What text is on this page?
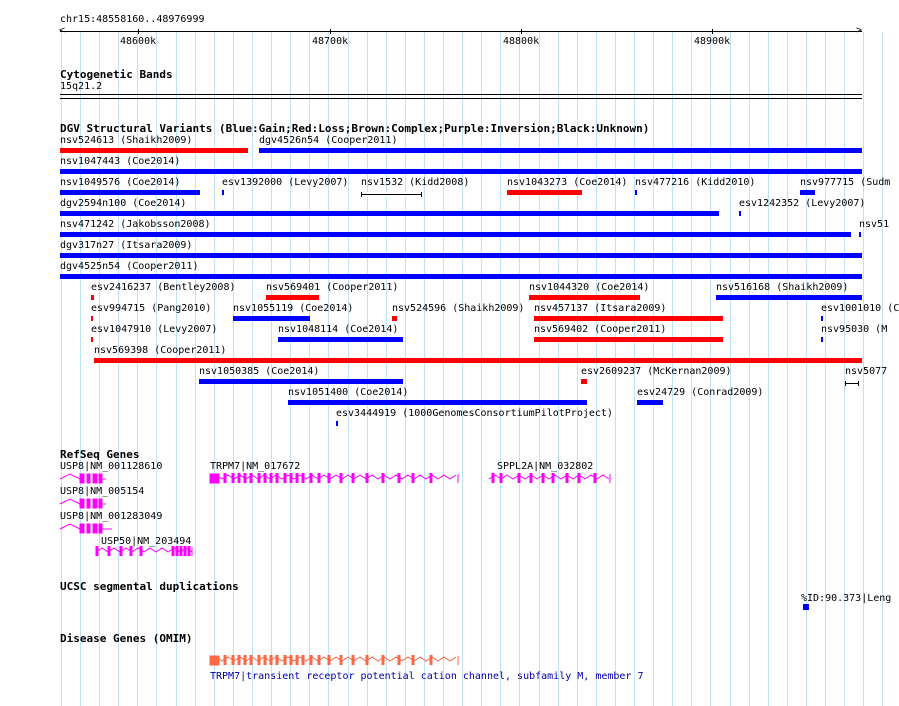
chr15:48558160..48976999
<	>
48600k	48700k	48800k	48900k
Cytogenetic Bands
15q21.2
DGV Structural Variants (Blue:Gain;Red:Loss;Brown:Complex;Purple:Inversion;Black:Unknown)
nsv524613 (Shaikh2009)	dgv4526n54 (Cooper2011)
nsv1047443 (Coe2014)
nsv1049576 (Coe2014)	esv1392000 (Levy2007) nsv1532 (Kidd2008)	nsv1043273 (Coe2014) nsv477216 (Kidd2010)	nsv977715 (Sudm
dgv2594n100 (Coe2014)	esv1242352 (Levy2007)
nsv471242 (Jakobsson2008)	nsv51
dgv317n27 (Itsara2009)
dgv4525n54 (Cooper2011)
esv2416237 (Bentley2008)	nsv569401 (Cooper2011)	nsv1044320 (Coe2014)	nsv516168 (Shaikh2009)
esv994715 (Pang2010) nsv1055119 (Coe2014)	nsv524596 (Shaikh2009) nsv457137 (Itsara2009)	esv1001010 (C
esv1047910 (Levy2007)	nsv1048114 (Coe2014)	nsv569402 (Cooper2011)	nsv95030 (M
nsv569398 (Cooper2011)
nsv1050385 (Coe2014)	esv2609237 (McKernan2009)	nsv5077
nsv1051400 (Coe2014)	esv24729 (Conrad2009)
esv3444919 (1000GenomesConsortiumPilotProject)
RefSeq Genes
USP8|NM_001128610	TRPM7|NM_017672	SPPL2A|NM_032802
USP8|NM_005154
USP8|NM_001283049
USP50|NM_203494
UCSC segmental duplications
%ID:90.373|Leng
Disease Genes (OMIM)
TRPM7|transient receptor potential cation channel, subfamily M, member 7
